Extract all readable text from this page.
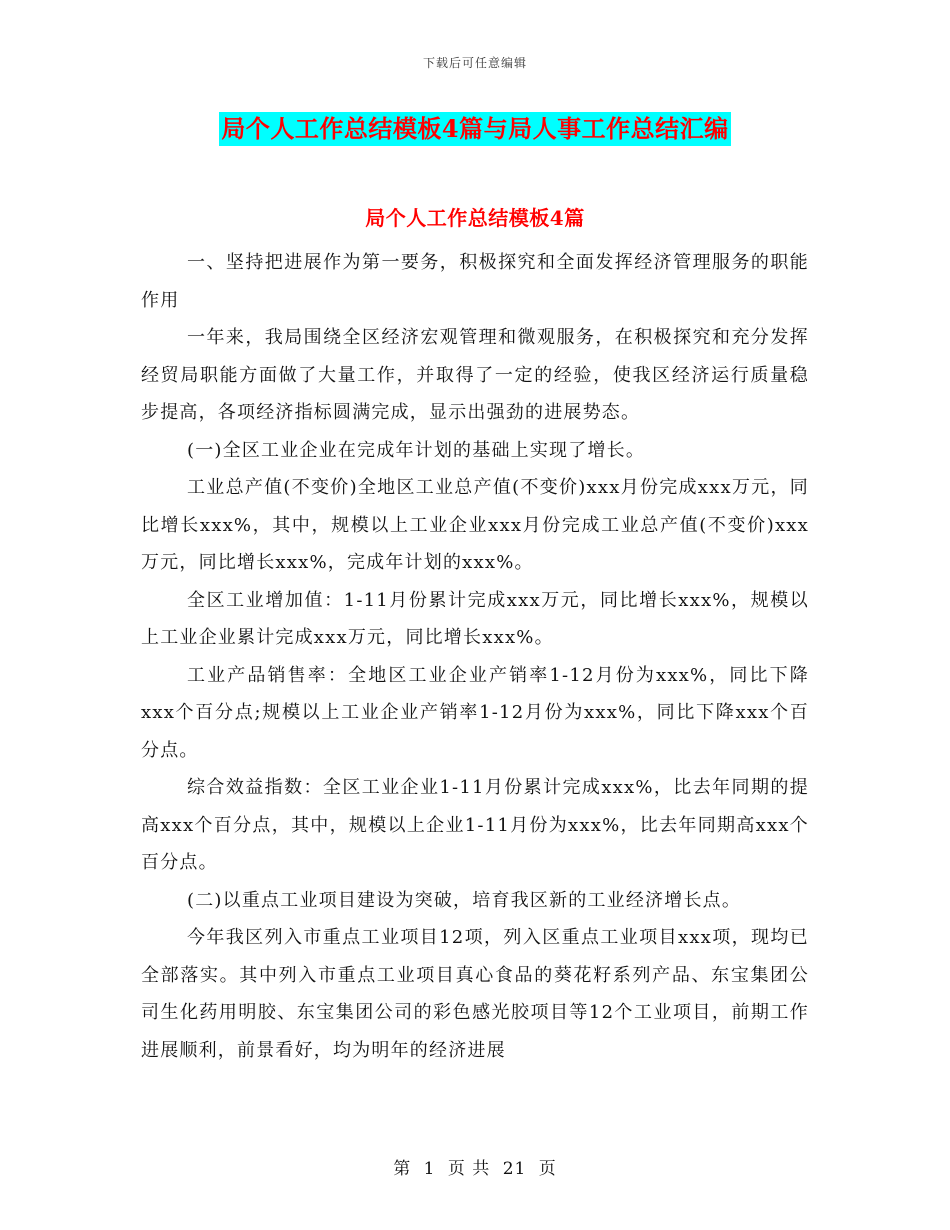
下载后可任意编辑
局个人工作总结模板4篇与局人事工作总结汇编
局个人工作总结模板4篇

一、坚持把进展作为第一要务，积极探究和全面发挥经济管理服务的职能作用

一年来，我局围绕全区经济宏观管理和微观服务，在积极探究和充分发挥经贸局职能方面做了大量工作，并取得了一定的经验，使我区经济运行质量稳步提高，各项经济指标圆满完成，显示出强劲的进展势态。

(一)全区工业企业在完成年计划的基础上实现了增长。

工业总产值(不变价)全地区工业总产值(不变价)xxx月份完成xxx万元，同比增长xxx%，其中，规模以上工业企业xxx月份完成工业总产值(不变价)xxx万元，同比增长xxx%，完成年计划的xxx%。

全区工业增加值：1-11月份累计完成xxx万元，同比增长xxx%，规模以上工业企业累计完成xxx万元，同比增长xxx%。

工业产品销售率：全地区工业企业产销率1-12月份为xxx%，同比下降xxx个百分点;规模以上工业企业产销率1-12月份为xxx%，同比下降xxx个百分点。

综合效益指数：全区工业企业1-11月份累计完成xxx%，比去年同期的提高xxx个百分点，其中，规模以上企业1-11月份为xxx%，比去年同期高xxx个百分点。

(二)以重点工业项目建设为突破，培育我区新的工业经济增长点。

今年我区列入市重点工业项目12项，列入区重点工业项目xxx项，现均已全部落实。其中列入市重点工业项目真心食品的葵花籽系列产品、东宝集团公司生化药用明胶、东宝集团公司的彩色感光胶项目等12个工业项目，前期工作进展顺利，前景看好，均为明年的经济进展

第 1 页 共 21 页
